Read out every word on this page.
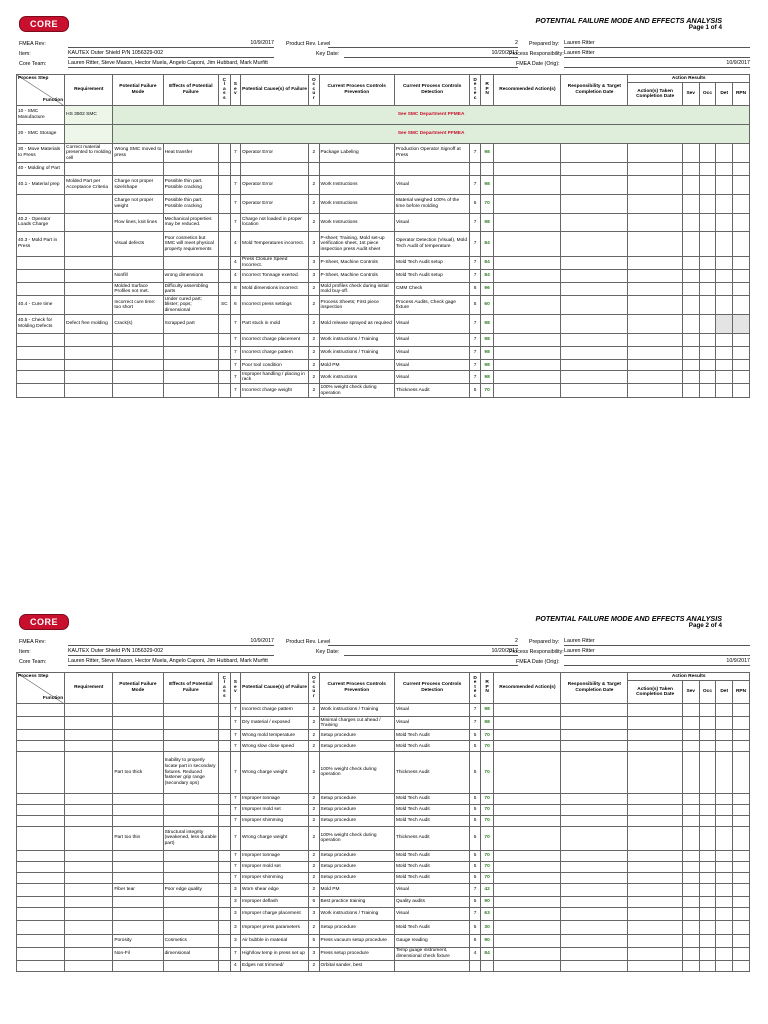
CORE	POTENTIAL FAILURE MODE AND EFFECTS ANALYSIS
Page 1 of 4
FMEA Rev:	10/9/2017 Product Rev. Level	2 Prepared by: Lauren Ritter
Item:	KAUTEX Outer Shield P/N 1056329-002	Key Date:	10/20/2017
Process Responsibility: Lauren Ritter
Core Team:	Lauren Ritter, Steve Mason, Hector Muela, Angelo Caponi, Jim Hubbard, Mark Murfitt	FMEA Date (Orig):	10/9/2017
Process Step
Function	Requirement	Potential Failure Mode	Effects of Potential Failure	C
l
a
s
s	S
e
v	Potential Cause(s) of Failure	O
c
c
u
r	Current Process Controls Prevention	Current Process Controls Detection	D
e
t
e
c	R
P
N	Recommended Action(s)	Responsibility & Target Completion Date	Action Results				
														Action(s) Taken Completion Date	Sev	Occ	Det	RPN
10 - SMC Manufacture	HS 3502 SMC	See SMC Department PFMEA																
20 - SMC Storage		See SMC Department PFMEA																
30 - Move Materials to Press	Correct material presented to molding cell	Wrong SMC moved to press	Heat transfer		7	Operator Error	2	Package Labeling	Production Operator Signoff at Press	7	98							
40 - Molding of Part																		
40.1 - Material prep	Molded Part per Acceptance Criteria	Charge not proper size/shape	Possible thin part. Possible cracking		7	Operator Error	2	Work Instructions	Visual	7	98							
		Charge not proper weight	Possible thin part. Possible cracking		7	Operator Error	2	Work Instructions	Material weighed 100% of the time before molding	5	70							
40.2 - Operator Loads Charge		Flow lines, knit lines	Mechanical properties may be reduced.		7	Charge not loaded in proper location	2	Work Instructions	Visual	7	98							
40.3 - Mold Part in Press		Visual defects	Poor cosmetics but SMC will meet physical property requirements		4	Mold Temperatures incorrect.	3	P-sheet; Training, Mold set-up verification sheet, 1st piece inspection press Audit sheet	Operator Detection (Visual), Mold Tech Audit of temperature	7	84							
					4	Press Closure Speed Incorrect.	3	P-Sheet, Machine Controls	Mold Tech Audit setup	7	84							
		Nonfill	wrong dimensions		4	Incorrect Tonnage exerted.	3	P-Sheet, Machine Controls	Mold Tech Audit setup	7	84							
		Molded Surface Profiles not met.	Difficulty assembling parts		8	Mold dimensions incorrect	2	Mold profiles check during initial mold buy-off.	CMM Check	6	96							
40.4 - Cure time		Incorrect cure time: too short	Under cured part; blister; pops; dimensional	SC	6	Incorrect press settings	2	Process Sheets; First piece inspection	Process Audits, Check gage fixture	5	60							
40.5 - Check for Molding Defects	Defect free molding	Crack(s)	Scrapped part		7	Part stuck in mold	2	Mold release sprayed as required	Visual	7	98							
					7	Incorrect charge placement	2	Work instructions / Training	Visual	7	98							
					7	Incorrect charge pattern	2	Work instructions / Training	Visual	7	98							
					7	Poor tool condition	2	Mold PM	Visual	7	98							
					7	Improper handling / placing in rack	2	Work instructions	Visual	7	98							
					7	Incorrect charge weight	2	100% weight check during operation	Thickness Audit	5	70							
CORE	POTENTIAL FAILURE MODE AND EFFECTS ANALYSIS
Page 2 of 4
FMEA Rev:	10/9/2017 Product Rev. Level	2 Prepared by: Lauren Ritter
Item:	KAUTEX Outer Shield P/N 1056329-002	Key Date:	10/20/2017
Process Responsibility: Lauren Ritter
Core Team:	Lauren Ritter, Steve Mason, Hector Muela, Angelo Caponi, Jim Hubbard, Mark Murfitt	FMEA Date (Orig):	10/9/2017
Process Step
Function	Requirement	Potential Failure Mode	Effects of Potential Failure	C
l
a
s
s	S
e
v	Potential Cause(s) of Failure	O
c
c
u
r	Current Process Controls Prevention	Current Process Controls Detection	D
e
t
e
c	R
P
N	Recommended Action(s)	Responsibility & Target Completion Date	Action Results				
														Action(s) Taken Completion Date	Sev	Occ	Det	RPN
					7	Incorrect charge pattern	2	Work instructions / Training	Visual	7	98							
					7	Dry material / exposed	2	Minimal charges cut ahead / Training	Visual	7	98							
					7	Wrong mold temperature	2	Setup procedure	Mold Tech Audit	5	70							
					7	Wrong slow close speed	2	Setup procedure	Mold Tech Audit	5	70							
		Part too thick	Inability to properly locate part in secondary fixtures. Reduced fastener grip range (secondary ops)		7	Wrong charge weight	2	100% weight check during operation	Thickness Audit	5	70							
					7	Improper tonnage	2	Setup procedure	Mold Tech Audit	5	70							
					7	Improper mold set	2	Setup procedure	Mold Tech Audit	5	70							
					7	Improper shimming	2	Setup procedure	Mold Tech Audit	5	70							
		Part too thin	Structural integrity (weakened, less durable part)		7	Wrong charge weight	2	100% weight check during operation	Thickness Audit	5	70							
					7	Improper tonnage	2	Setup procedure	Mold Tech Audit	5	70							
					7	Improper mold set	2	Setup procedure	Mold Tech Audit	5	70							
					7	Improper shimming	2	Setup procedure	Mold Tech Audit	5	70							
		Fiber tear	Poor edge quality		3	Worn shear edge	2	Mold PM	Visual	7	42							
					3	Improper deflash	6	Best practice training	Quality audits	5	90							
					3	Improper charge placement	3	Work instructions / Training	Visual	7	63							
					3	Improper press parameters	2	Setup procedure	Mold Tech Audit	5	30							
		Porosity	Cosmetics		3	Air bubble in material	5	Press vacuum setup procedure	Gauge reading	6	90							
		Non-Fil	dimensional		7	High/low temp in press set up	3	Press setup procedure	Temp guage instrument, dimensional check fixture	4	84							
					4	Edges not trimmed/	2	Orbital sander, best										
